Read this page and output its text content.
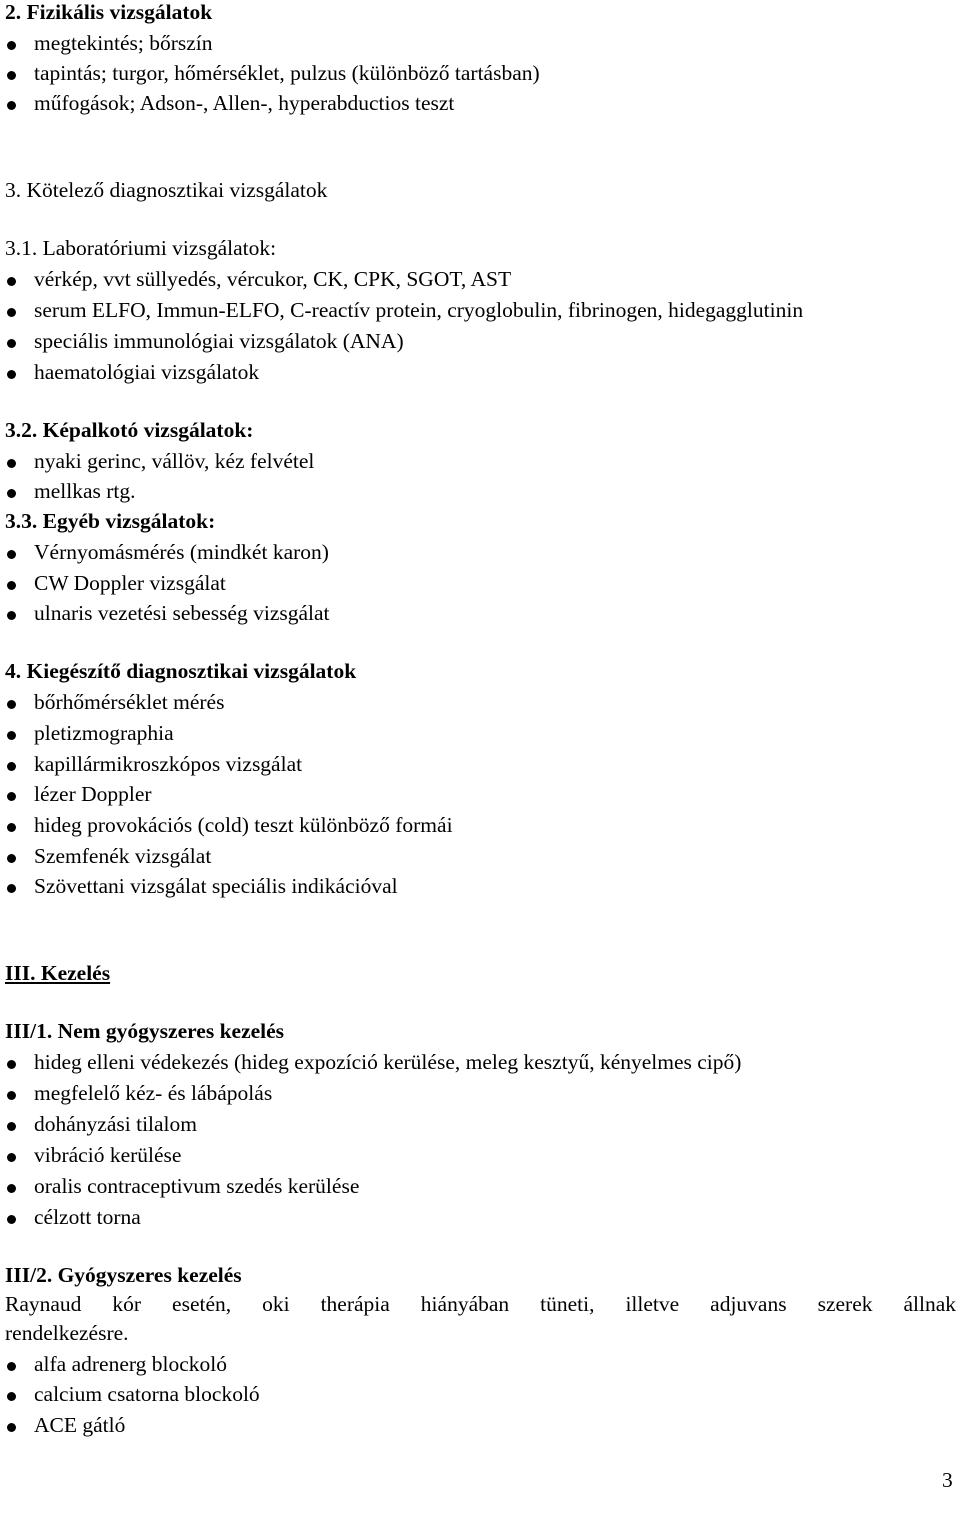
2. Fizikális vizsgálatok
megtekintés; bőrszín
tapintás; turgor, hőmérséklet, pulzus (különböző tartásban)
műfogások; Adson-, Allen-, hyperabductios teszt
3. Kötelező diagnosztikai vizsgálatok
3.1. Laboratóriumi vizsgálatok:
vérkép, vvt süllyedés, vércukor, CK, CPK, SGOT, AST
serum ELFO, Immun-ELFO, C-reactív protein, cryoglobulin, fibrinogen, hidegagglutinin
speciális immunológiai vizsgálatok (ANA)
haematológiai vizsgálatok
3.2. Képalkotó vizsgálatok:
nyaki gerinc, vállöv, kéz felvétel
mellkas rtg.
3.3. Egyéb vizsgálatok:
Vérnyomásmérés (mindkét karon)
CW Doppler vizsgálat
ulnaris vezetési sebesség vizsgálat
4. Kiegészítő diagnosztikai vizsgálatok
bőrhőmérséklet mérés
pletizmographia
kapillármikroszkópos vizsgálat
lézer Doppler
hideg provokációs (cold) teszt különböző formái
Szemfenék vizsgálat
Szövettani vizsgálat speciális indikációval
III. Kezelés
III/1. Nem gyógyszeres kezelés
hideg elleni védekezés (hideg expozíció kerülése, meleg kesztyű, kényelmes cipő)
megfelelő kéz- és lábápolás
dohányzási tilalom
vibráció kerülése
oralis contraceptivum szedés kerülése
célzott torna
III/2. Gyógyszeres kezelés
Raynaud kór esetén, oki therápia hiányában tüneti, illetve adjuvans szerek állnak
rendelkezésre.
alfa adrenerg blockoló
calcium csatorna blockoló
ACE gátló
3
